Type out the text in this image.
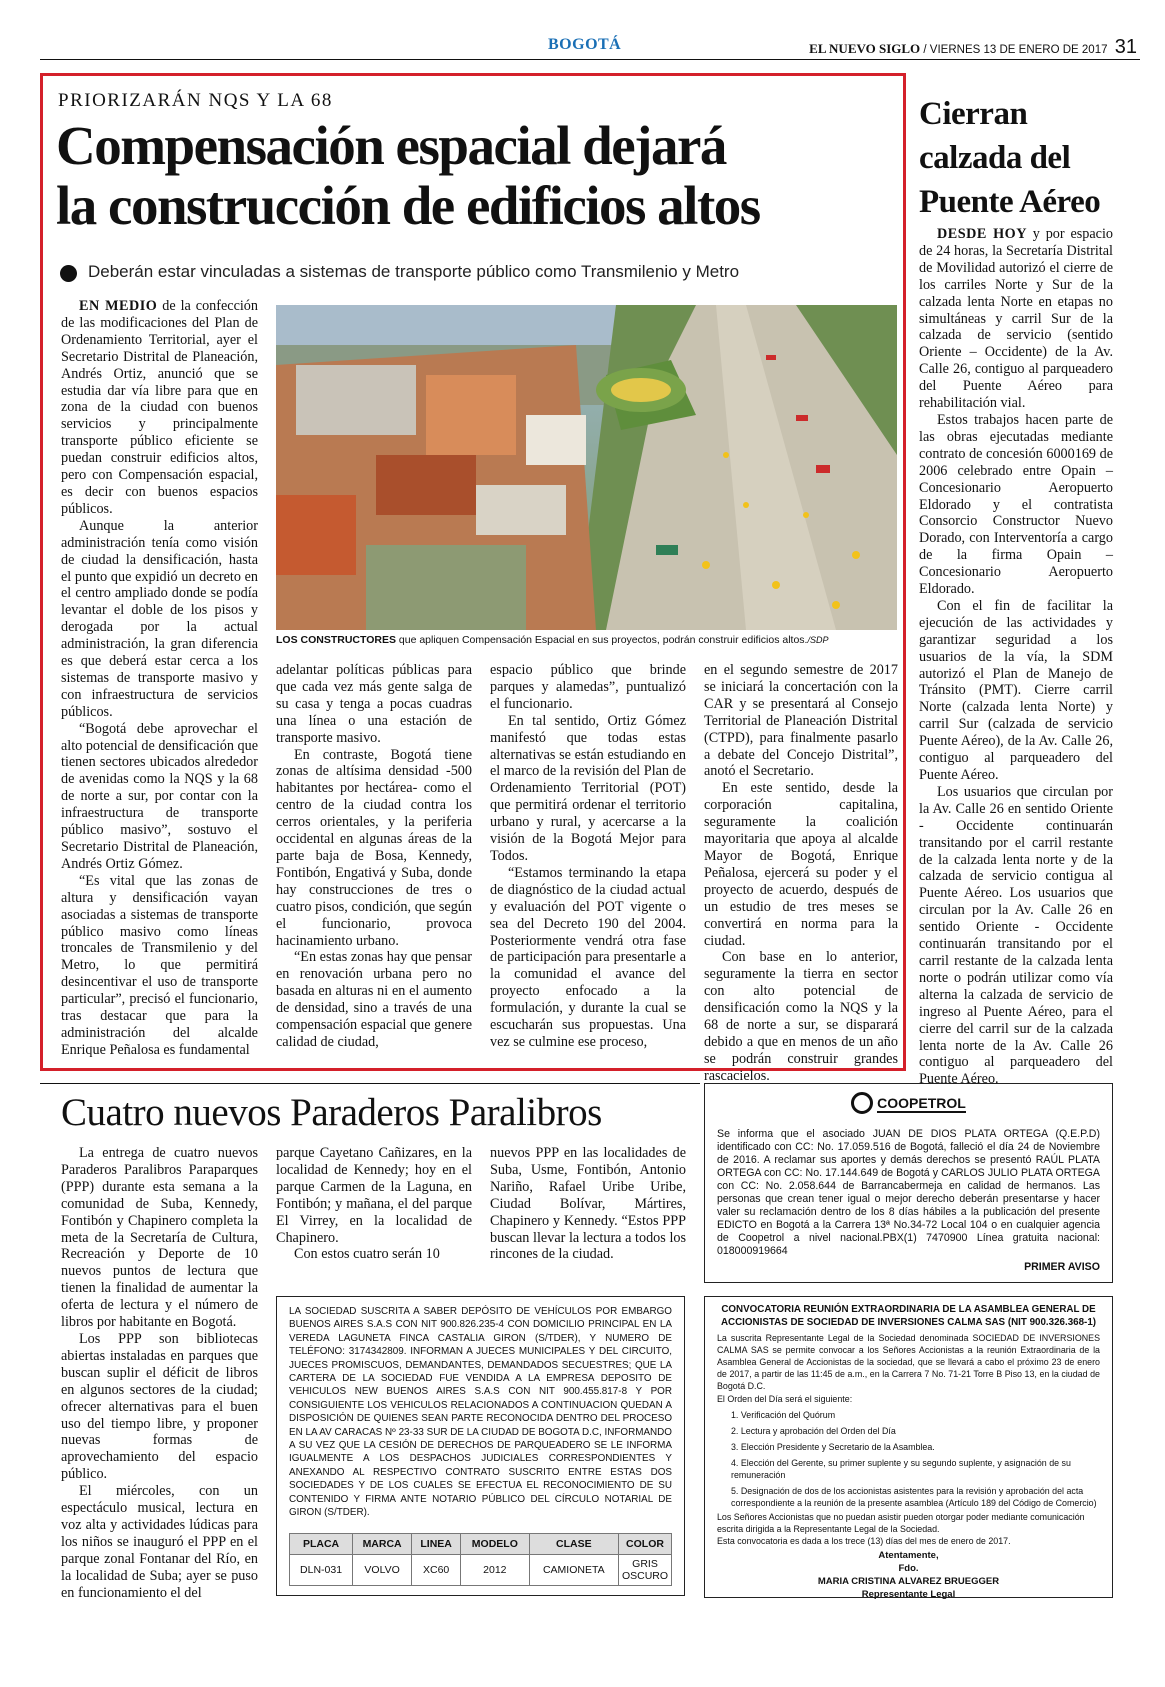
BOGOTÁ	EL NUEVO SIGLO / VIERNES 13 DE ENERO DE 2017 31
PRIORIZARÁN NQS Y LA 68
Compensación espacial dejará
la construcción de edificios altos
Deberán estar vinculadas a sistemas de transporte público como Transmilenio y Metro
LOS CONSTRUCTORES que apliquen Compensación Espacial en sus proyectos, podrán construir edificios altos./SDP

EN MEDIO de la confección de las modificaciones del Plan de Ordenamiento Territorial, ayer el Secretario Distrital de Planeación, Andrés Ortiz, anunció que se estudia dar vía libre para que en zona de la ciudad con buenos servicios y principalmente transporte público eficiente se puedan construir edificios altos, pero con Compensación espacial, es decir con buenos espacios públicos.

Aunque la anterior administración tenía como visión de ciudad la densificación, hasta el punto que expidió un decreto en el centro ampliado donde se podía levantar el doble de los pisos y derogada por la actual administración, la gran diferencia es que deberá estar cerca a los sistemas de transporte masivo y con infraestructura de servicios públicos.

“Bogotá debe aprovechar el alto potencial de densificación que tienen sectores ubicados alrededor de avenidas como la NQS y la 68 de norte a sur, por contar con la infraestructura de transporte público masivo”, sostuvo el Secretario Distrital de Planeación, Andrés Ortiz Gómez.

“Es vital que las zonas de altura y densificación vayan asociadas a sistemas de transporte público masivo como líneas troncales de Transmilenio y del Metro, lo que permitirá desincentivar el uso de transporte particular”, precisó el funcionario, tras destacar que para la administración del alcalde Enrique Peñalosa es fundamental

adelantar políticas públicas para que cada vez más gente salga de su casa y tenga a pocas cuadras una línea o una estación de transporte masivo.

En contraste, Bogotá tiene zonas de altísima densidad -500 habitantes por hectárea- como el centro de la ciudad contra los cerros orientales, y la periferia occidental en algunas áreas de la parte baja de Bosa, Kennedy, Fontibón, Engativá y Suba, donde hay construcciones de tres o cuatro pisos, condición, que según el funcionario, provoca hacinamiento urbano.

“En estas zonas hay que pensar en renovación urbana pero no basada en alturas ni en el aumento de densidad, sino a través de una compensación espacial que genere calidad de ciudad,

espacio público que brinde parques y alamedas”, puntualizó el funcionario.

En tal sentido, Ortiz Gómez manifestó que todas estas alternativas se están estudiando en el marco de la revisión del Plan de Ordenamiento Territorial (POT) que permitirá ordenar el territorio urbano y rural, y acercarse a la visión de la Bogotá Mejor para Todos.

“Estamos terminando la etapa de diagnóstico de la ciudad actual y evaluación del POT vigente o sea del Decreto 190 del 2004. Posteriormente vendrá otra fase de participación para presentarle a la comunidad el avance del proyecto enfocado a la formulación, y durante la cual se escucharán sus propuestas. Una vez se culmine ese proceso,

en el segundo semestre de 2017 se iniciará la concertación con la CAR y se presentará al Consejo Territorial de Planeación Distrital (CTPD), para finalmente pasarlo a debate del Concejo Distrital”, anotó el Secretario.

En este sentido, desde la corporación capitalina, seguramente la coalición mayoritaria que apoya al alcalde Mayor de Bogotá, Enrique Peñalosa, ejercerá su poder y el proyecto de acuerdo, después de un estudio de tres meses se convertirá en norma para la ciudad.

Con base en lo anterior, seguramente la tierra en sector con alto potencial de densificación como la NQS y la 68 de norte a sur, se disparará debido a que en menos de un año se podrán construir grandes rascacielos.

Cierran calzada del Puente Aéreo

DESDE HOY y por espacio de 24 horas, la Secretaría Distrital de Movilidad autorizó el cierre de los carriles Norte y Sur de la calzada lenta Norte en etapas no simultáneas y carril Sur de la calzada de servicio (sentido Oriente – Occidente) de la Av. Calle 26, contiguo al parqueadero del Puente Aéreo para rehabilitación vial.

Estos trabajos hacen parte de las obras ejecutadas mediante contrato de concesión 6000169 de 2006 celebrado entre Opain – Concesionario Aeropuerto Eldorado y el contratista Consorcio Constructor Nuevo Dorado, con Interventoría a cargo de la firma Opain – Concesionario Aeropuerto Eldorado.

Con el fin de facilitar la ejecución de las actividades y garantizar seguridad a los usuarios de la vía, la SDM autorizó el Plan de Manejo de Tránsito (PMT). Cierre carril Norte (calzada lenta Norte) y carril Sur (calzada de servicio Puente Aéreo), de la Av. Calle 26, contiguo al parqueadero del Puente Aéreo.

Los usuarios que circulan por la Av. Calle 26 en sentido Oriente - Occidente continuarán transitando por el carril restante de la calzada lenta norte y de la calzada de servicio contigua al Puente Aéreo. Los usuarios que circulan por la Av. Calle 26 en sentido Oriente - Occidente continuarán transitando por el carril restante de la calzada lenta norte o podrán utilizar como vía alterna la calzada de servicio de ingreso al Puente Aéreo, para el cierre del carril sur de la calzada lenta norte de la Av. Calle 26 contiguo al parqueadero del Puente Aéreo.

Cuatro nuevos Paraderos Paralibros

La entrega de cuatro nuevos Paraderos Paralibros Paraparques (PPP) durante esta semana a la comunidad de Suba, Kennedy, Fontibón y Chapinero completa la meta de la Secretaría de Cultura, Recreación y Deporte de 10 nuevos puntos de lectura que tienen la finalidad de aumentar la oferta de lectura y el número de libros por habitante en Bogotá.

Los PPP son bibliotecas abiertas instaladas en parques que buscan suplir el déficit de libros en algunos sectores de la ciudad; ofrecer alternativas para el buen uso del tiempo libre, y proponer nuevas formas de aprovechamiento del espacio público.

El miércoles, con un espectáculo musical, lectura en voz alta y actividades lúdicas para los niños se inauguró el PPP en el parque zonal Fontanar del Río, en la localidad de Suba; ayer se puso en funcionamiento el del

parque Cayetano Cañizares, en la localidad de Kennedy; hoy en el parque Carmen de la Laguna, en Fontibón; y mañana, el del parque El Virrey, en la localidad de Chapinero.

Con estos cuatro serán 10

nuevos PPP en las localidades de Suba, Usme, Fontibón, Antonio Nariño, Rafael Uribe Uribe, Ciudad Bolívar, Mártires, Chapinero y Kennedy. “Estos PPP buscan llevar la lectura a todos los rincones de la ciudad.

COOPETROL
Se informa que el asociado JUAN DE DIOS PLATA ORTEGA (Q.E.P.D) identificado con CC: No. 17.059.516 de Bogotá, falleció el día 24 de Noviembre de 2016. A reclamar sus aportes y demás derechos se presentó RAÚL PLATA ORTEGA con CC: No. 17.144.649 de Bogotá y CARLOS JULIO PLATA ORTEGA con CC: No. 2.058.644 de Barrancabermeja en calidad de hermanos. Las personas que crean tener igual o mejor derecho deberán presentarse y hacer valer su reclamación dentro de los 8 días hábiles a la publicación del presente EDICTO en Bogotá a la Carrera 13ª No.34-72 Local 104 o en cualquier agencia de Coopetrol a nivel nacional.PBX(1) 7470900 Línea gratuita nacional: 018000919664
PRIMER AVISO
LA SOCIEDAD SUSCRITA A SABER DEPÓSITO DE VEHÍCULOS POR EMBARGO BUENOS AIRES S.A.S CON NIT 900.826.235-4 CON DOMICILIO PRINCIPAL EN LA VEREDA LAGUNETA FINCA CASTALIA GIRON (S/TDER), Y NUMERO DE TELÉFONO: 3174342809. INFORMAN A JUECES MUNICIPALES Y DEL CIRCUITO, JUECES PROMISCUOS, DEMANDANTES, DEMANDADOS SECUESTRES; QUE LA CARTERA DE LA SOCIEDAD FUE VENDIDA A LA EMPRESA DEPOSITO DE VEHICULOS NEW BUENOS AIRES S.A.S CON NIT 900.455.817-8 Y POR CONSIGUIENTE LOS VEHICULOS RELACIONADOS A CONTINUACION QUEDAN A DISPOSICIÓN DE QUIENES SEAN PARTE RECONOCIDA DENTRO DEL PROCESO EN LA AV CARACAS Nº 23-33 SUR DE LA CIUDAD DE BOGOTA D.C, INFORMANDO A SU VEZ QUE LA CESIÓN DE DERECHOS DE PARQUEADERO SE LE INFORMA IGUALMENTE A LOS DESPACHOS JUDICIALES CORRESPONDIENTES Y ANEXANDO AL RESPECTIVO CONTRATO SUSCRITO ENTRE ESTAS DOS SOCIEDADES Y DE LOS CUALES SE EFECTUA EL RECONOCIMIENTO DE SU CONTENIDO Y FIRMA ANTE NOTARIO PÚBLICO DEL CÍRCULO NOTARIAL DE GIRON (S/TDER).
PLACA	MARCA	LINEA	MODELO	CLASE	COLOR
DLN-031	VOLVO	XC60	2012	CAMIONETA	GRIS OSCURO
CONVOCATORIA REUNIÓN EXTRAORDINARIA DE LA ASAMBLEA GENERAL DE ACCIONISTAS DE SOCIEDAD DE INVERSIONES CALMA SAS (NIT 900.326.368-1)
La suscrita Representante Legal de la Sociedad denominada SOCIEDAD DE INVERSIONES CALMA SAS se permite convocar a los Señores Accionistas a la reunión Extraordinaria de la Asamblea General de Accionistas de la sociedad, que se llevará a cabo el próximo 23 de enero de 2017, a partir de las 11:45 de a.m., en la Carrera 7 No. 71-21 Torre B Piso 13, en la ciudad de Bogotá D.C.
El Orden del Día será el siguiente:
1. Verificación del Quórum
2. Lectura y aprobación del Orden del Día
3. Elección Presidente y Secretario de la Asamblea.
4. Elección del Gerente, su primer suplente y su segundo suplente, y asignación de su remuneración
5. Designación de dos de los accionistas asistentes para la revisión y aprobación del acta correspondiente a la reunión de la presente asamblea (Artículo 189 del Código de Comercio)
Los Señores Accionistas que no puedan asistir pueden otorgar poder mediante comunicación escrita dirigida a la Representante Legal de la Sociedad.
Esta convocatoria es dada a los trece (13) días del mes de enero de 2017.
Atentamente,
Fdo.
MARIA CRISTINA ALVAREZ BRUEGGER
Representante Legal
